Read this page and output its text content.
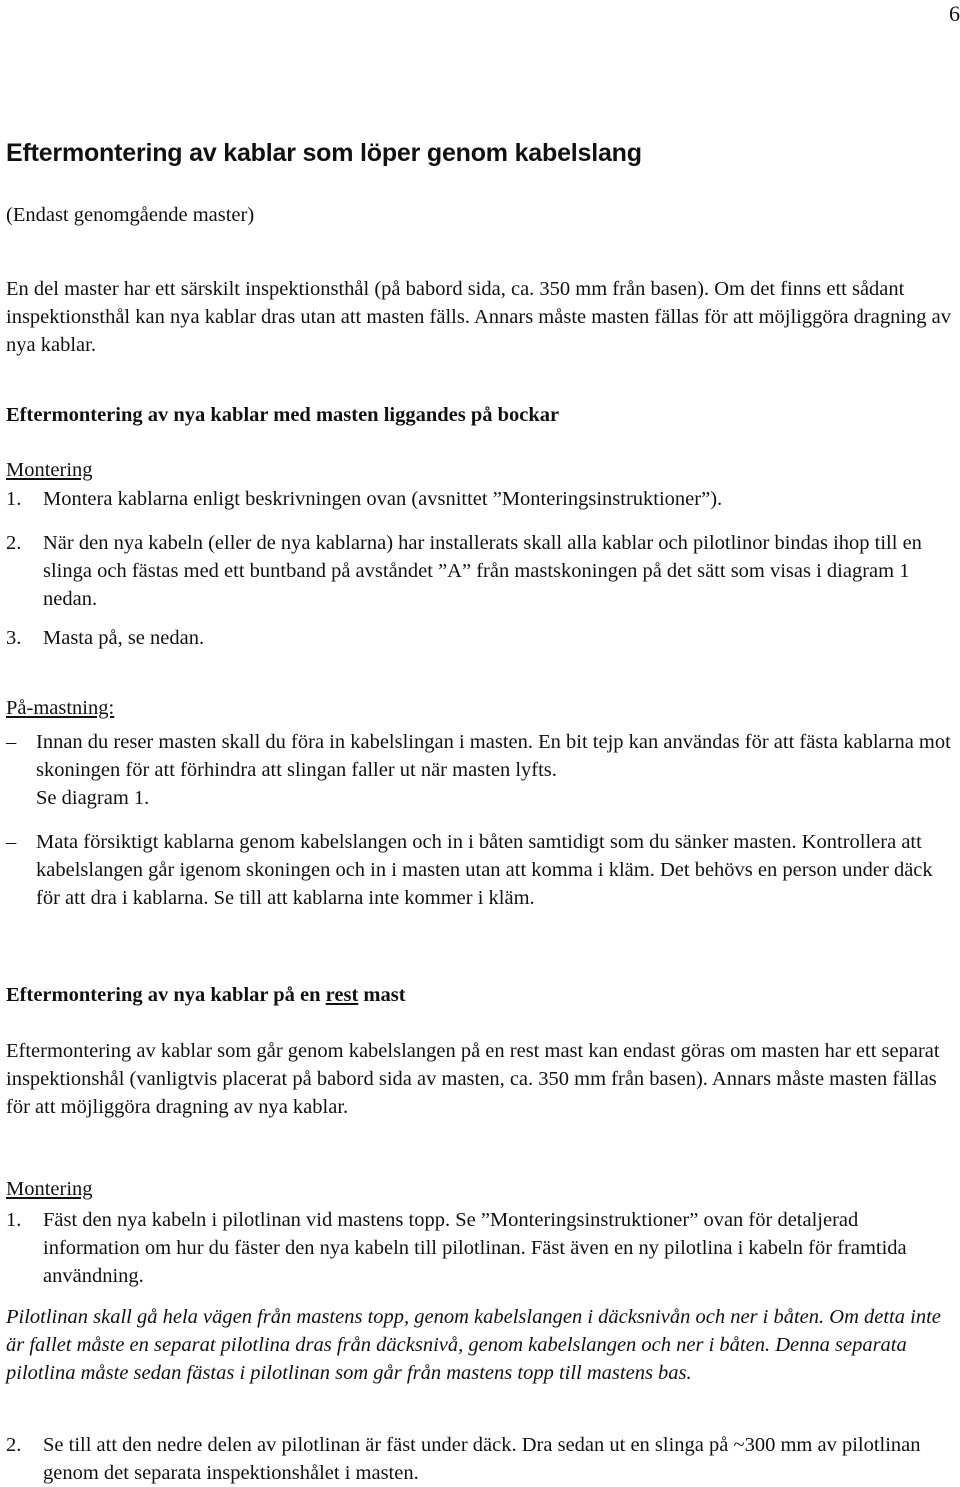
6
Eftermontering av kablar som löper genom kabelslang

(Endast genomgående master)

En del master har ett särskilt inspektionsthål (på babord sida, ca. 350 mm från basen). Om det finns ett sådant inspektionsthål kan nya kablar dras utan att masten fälls. Annars måste masten fällas för att möjliggöra dragning av nya kablar.

Eftermontering av nya kablar med masten liggandes på bockar

Montering

1.	Montera kablarna enligt beskrivningen ovan (avsnittet ”Monteringsinstruktioner”).
2.	När den nya kabeln (eller de nya kablarna) har installerats skall alla kablar och pilotlinor bindas ihop till en slinga och fästas med ett buntband på avståndet ”A” från mastskoningen på det sätt som visas i diagram 1 nedan.
3.	Masta på, se nedan.

På-mastning:

– Innan du reser masten skall du föra in kabelslingan i masten. En bit tejp kan användas för att fästa kablarna mot skoningen för att förhindra att slingan faller ut när masten lyfts.
Se diagram 1.
– Mata försiktigt kablarna genom kabelslangen och in i båten samtidigt som du sänker masten. Kontrollera att kabelslangen går igenom skoningen och in i masten utan att komma i kläm. Det behövs en person under däck för att dra i kablarna. Se till att kablarna inte kommer i kläm.

Eftermontering av nya kablar på en rest mast

Eftermontering av kablar som går genom kabelslangen på en rest mast kan endast göras om masten har ett separat inspektionshål (vanligtvis placerat på babord sida av masten, ca. 350 mm från basen). Annars måste masten fällas för att möjliggöra dragning av nya kablar.

Montering

1.	Fäst den nya kabeln i pilotlinan vid mastens topp. Se ”Monteringsinstruktioner” ovan för detaljerad information om hur du fäster den nya kabeln till pilotlinan. Fäst även en ny pilotlina i kabeln för framtida användning.

Pilotlinan skall gå hela vägen från mastens topp, genom kabelslangen i däcksnivån och ner i båten. Om detta inte är fallet måste en separat pilotlina dras från däcksnivå, genom kabelslangen och ner i båten. Denna separata pilotlina måste sedan fästas i pilotlinan som går från mastens topp till mastens bas.

2.	Se till att den nedre delen av pilotlinan är fäst under däck. Dra sedan ut en slinga på ~300 mm av pilotlinan genom det separata inspektionshålet i masten.
